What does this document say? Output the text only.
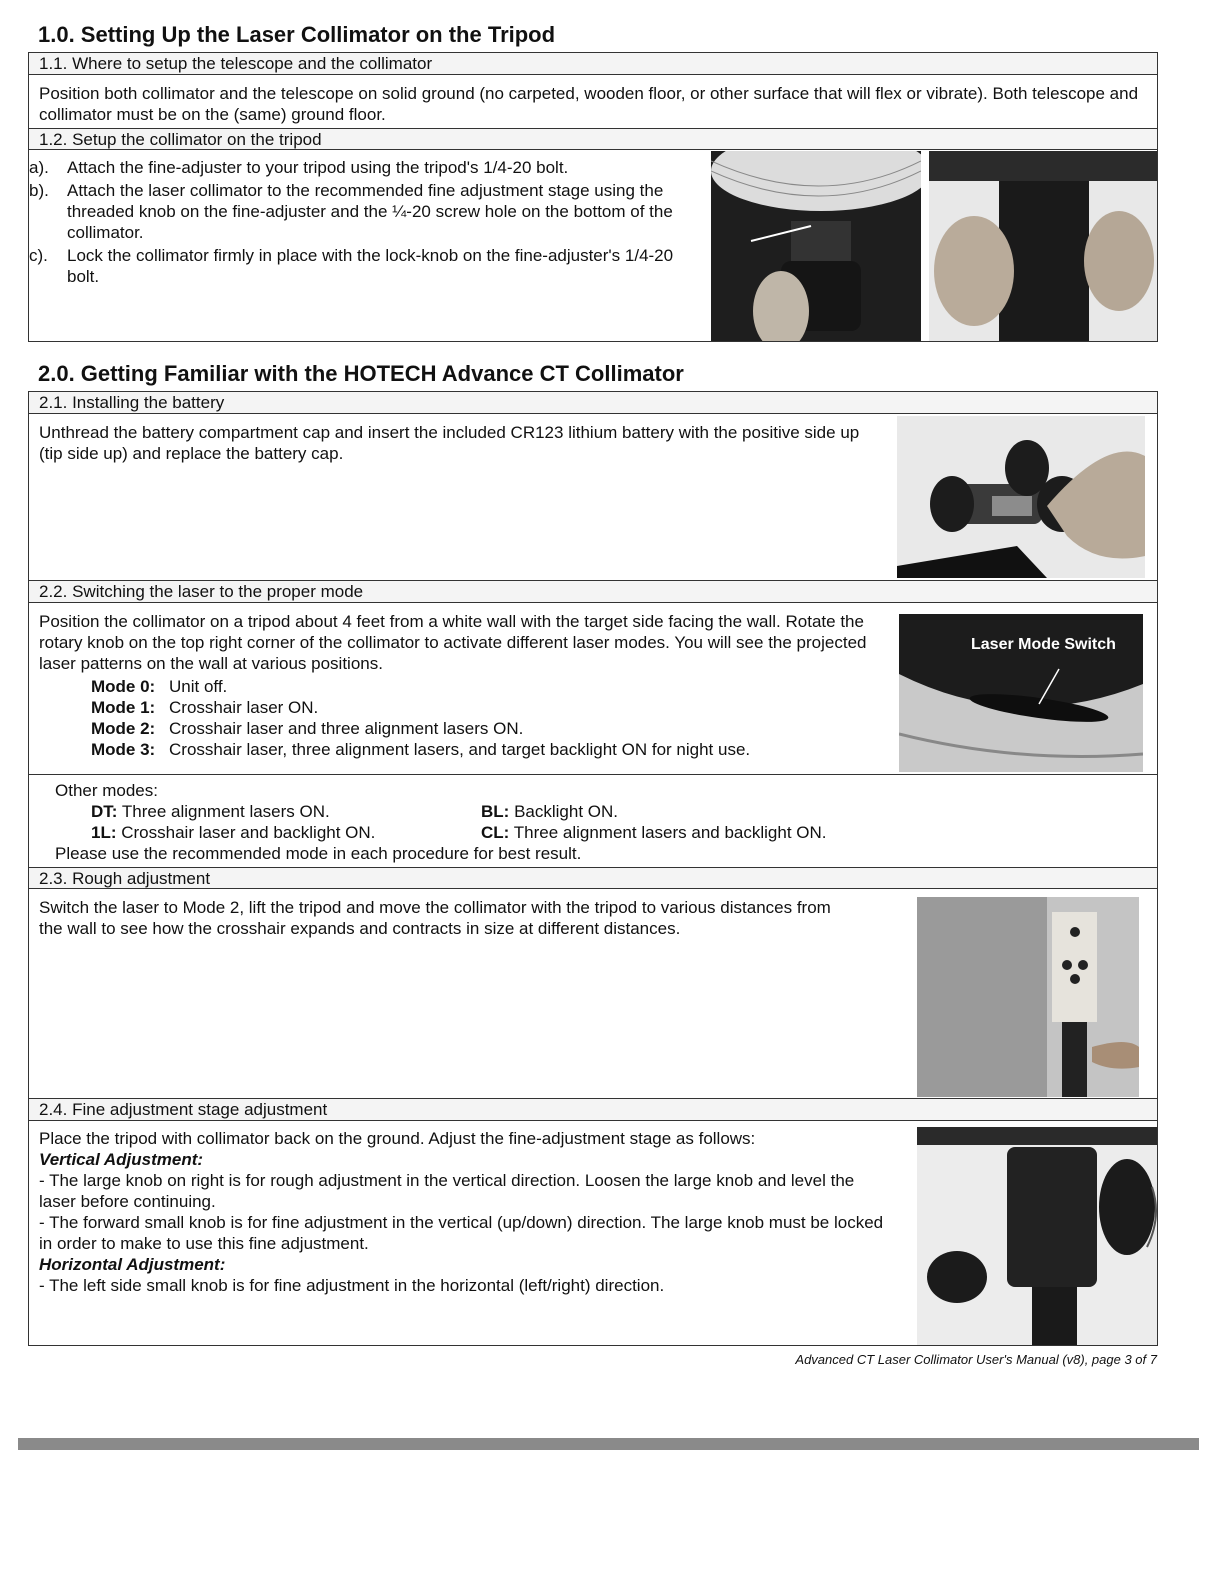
1.0. Setting Up the Laser Collimator on the Tripod
1.1. Where to setup the telescope and the collimator

Position both collimator and the telescope on solid ground (no carpeted, wooden floor, or other surface that will flex or vibrate). Both telescope and collimator must be on the (same) ground floor.

1.2. Setup the collimator on the tripod
a). Attach the fine-adjuster to your tripod using the tripod's 1/4-20 bolt.
b). Attach the laser collimator to the recommended fine adjustment stage using the threaded knob on the fine-adjuster and the ¼-20 screw hole on the bottom of the collimator.
c). Lock the collimator firmly in place with the lock-knob on the fine-adjuster's 1/4-20 bolt.
2.0. Getting Familiar with the HOTECH Advance CT Collimator
2.1. Installing the battery

Unthread the battery compartment cap and insert the included CR123 lithium battery with the positive side up (tip side up) and replace the battery cap.

2.2. Switching the laser to the proper mode

Position the collimator on a tripod about 4 feet from a white wall with the target side facing the wall. Rotate the rotary knob on the top right corner of the collimator to activate different laser modes. You will see the projected laser patterns on the wall at various positions.

Mode 0: Unit off.
Mode 1: Crosshair laser ON.
Mode 2: Crosshair laser and three alignment lasers ON.
Mode 3: Crosshair laser, three alignment lasers, and target backlight ON for night use.
Laser Mode Switch
Other modes:
DT: Three alignment lasers ON.	BL: Backlight ON.
1L: Crosshair laser and backlight ON.	CL: Three alignment lasers and backlight ON.
Please use the recommended mode in each procedure for best result.
2.3. Rough adjustment

Switch the laser to Mode 2, lift the tripod and move the collimator with the tripod to various distances from the wall to see how the crosshair expands and contracts in size at different distances.

2.4. Fine adjustment stage adjustment
Place the tripod with collimator back on the ground. Adjust the fine-adjustment stage as follows:
Vertical Adjustment:
- The large knob on right is for rough adjustment in the vertical direction. Loosen the large knob and level the laser before continuing.
- The forward small knob is for fine adjustment in the vertical (up/down) direction. The large knob must be locked in order to make to use this fine adjustment.
Horizontal Adjustment:
- The left side small knob is for fine adjustment in the horizontal (left/right) direction.
Advanced CT Laser Collimator User's Manual (v8), page 3 of 7
